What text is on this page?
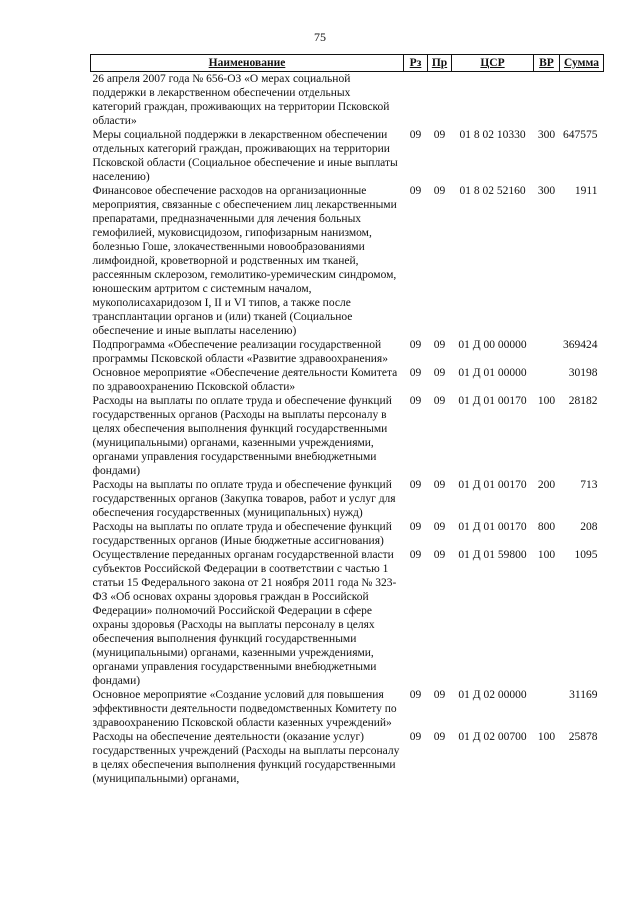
75
Наименование	Рз	Пр	ЦСР	ВР	Сумма
26 апреля 2007 года № 656-ОЗ «О мерах социальной поддержки в лекарственном обеспечении отдельных категорий граждан, проживающих на территории Псковской области»					
Меры социальной поддержки в лекарственном обеспечении отдельных категорий граждан, проживающих на территории Псковской области (Социальное обеспечение и иные выплаты населению)	09	09	01 8 02 10330	300	647575
Финансовое обеспечение расходов на организационные мероприятия, связанные с обеспечением лиц лекарственными препаратами, предназначенными для лечения больных гемофилией, муковисцидозом, гипофизарным нанизмом, болезнью Гоше, злокачественными новообразованиями лимфоидной, кроветворной и родственных им тканей, рассеянным склерозом, гемолитико-уремическим синдромом, юношеским артритом с системным началом, мукополисахаридозом I, II и VI типов, а также после трансплантации органов и (или) тканей (Социальное обеспечение и иные выплаты населению)	09	09	01 8 02 52160	300	1911
Подпрограмма «Обеспечение реализации государственной программы Псковской области «Развитие здравоохранения»	09	09	01 Д 00 00000		369424
Основное мероприятие «Обеспечение деятельности Комитета по здравоохранению Псковской области»	09	09	01 Д 01 00000		30198
Расходы на выплаты по оплате труда и обеспечение функций государственных органов (Расходы на выплаты персоналу в целях обеспечения выполнения функций государственными (муниципальными) органами, казенными учреждениями, органами управления государственными внебюджетными фондами)	09	09	01 Д 01 00170	100	28182
Расходы на выплаты по оплате труда и обеспечение функций государственных органов (Закупка товаров, работ и услуг для обеспечения государственных (муниципальных) нужд)	09	09	01 Д 01 00170	200	713
Расходы на выплаты по оплате труда и обеспечение функций государственных органов (Иные бюджетные ассигнования)	09	09	01 Д 01 00170	800	208
Осуществление переданных органам государственной власти субъектов Российской Федерации в соответствии с частью 1 статьи 15 Федерального закона от 21 ноября 2011 года № 323-ФЗ «Об основах охраны здоровья граждан в Российской Федерации» полномочий Российской Федерации в сфере охраны здоровья (Расходы на выплаты персоналу в целях обеспечения выполнения функций государственными (муниципальными) органами, казенными учреждениями, органами управления государственными внебюджетными фондами)	09	09	01 Д 01 59800	100	1095
Основное мероприятие «Создание условий для повышения эффективности деятельности подведомственных Комитету по здравоохранению Псковской области казенных учреждений»	09	09	01 Д 02 00000		31169
Расходы на обеспечение деятельности (оказание услуг) государственных учреждений (Расходы на выплаты персоналу в целях обеспечения выполнения функций государственными (муниципальными) органами,	09	09	01 Д 02 00700	100	25878
